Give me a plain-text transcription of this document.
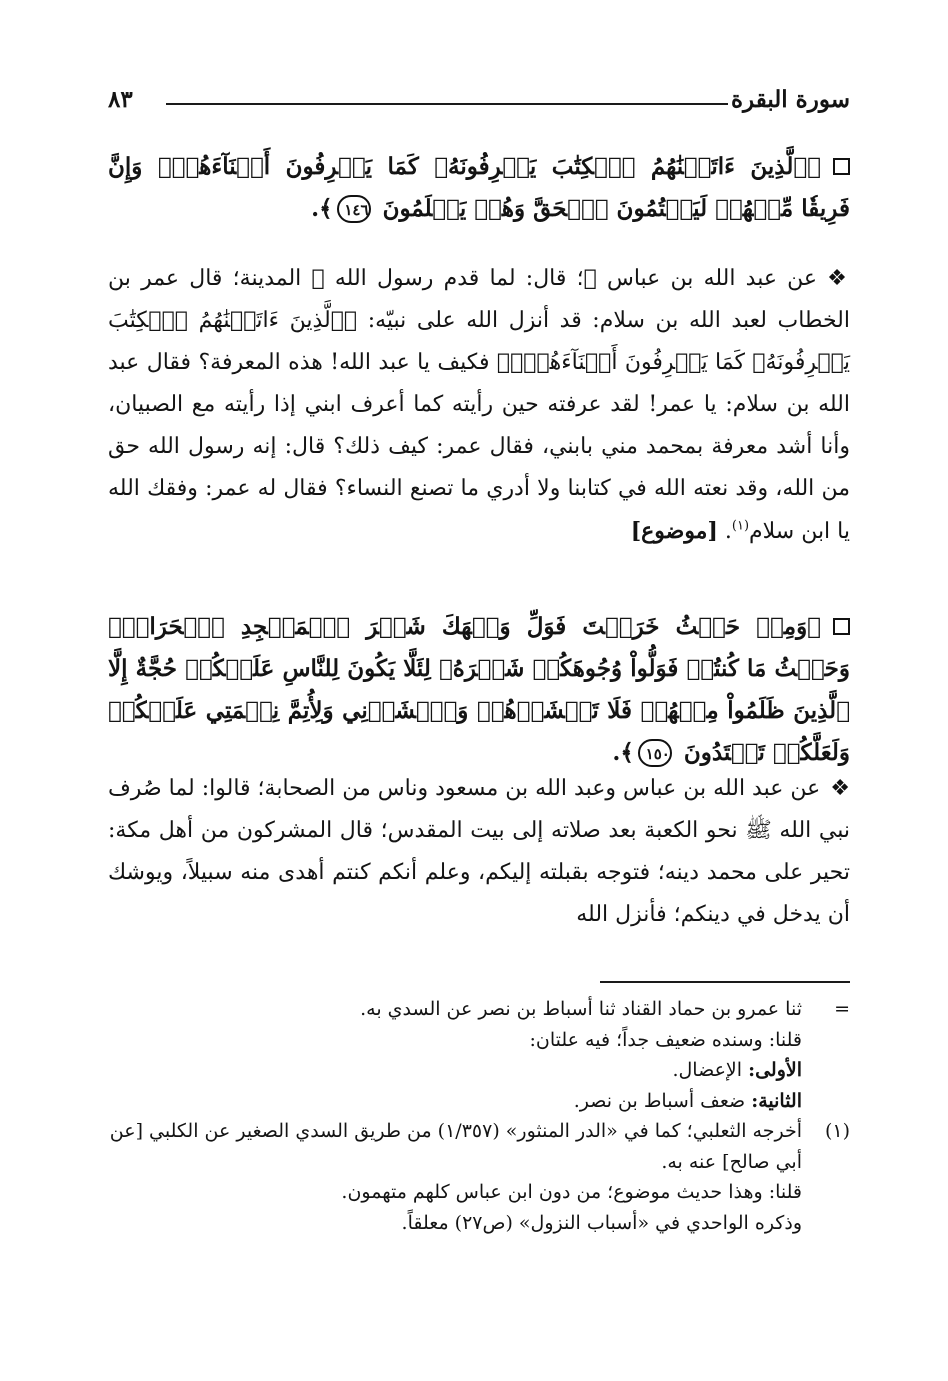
سورة البقرة
٨٣
﴿ٱلَّذِينَ ءَاتَيۡنَٰهُمُ ٱلۡكِتَٰبَ يَعۡرِفُونَهُۥ كَمَا يَعۡرِفُونَ أَبۡنَآءَهُمۡۖ وَإِنَّ فَرِيقٗا مِّنۡهُمۡ لَيَكۡتُمُونَ ٱلۡحَقَّ وَهُمۡ يَعۡلَمُونَ ١٤٦﴾.
❖عن عبد الله بن عباس ﵄؛ قال: لما قدم رسول الله ﷺ المدينة؛ قال عمر بن الخطاب لعبد الله بن سلام: قد أنزل الله على نبيّه: ﴿ٱلَّذِينَ ءَاتَيۡنَٰهُمُ ٱلۡكِتَٰبَ يَعۡرِفُونَهُۥ كَمَا يَعۡرِفُونَ أَبۡنَآءَهُمۡۖ﴾ فكيف يا عبد الله! هذه المعرفة؟ فقال عبد الله بن سلام: يا عمر! لقد عرفته حين رأيته كما أعرف ابني إذا رأيته مع الصبيان، وأنا أشد معرفة بمحمد مني بابني، فقال عمر: كيف ذلك؟ قال: إنه رسول الله حق من الله، وقد نعته الله في كتابنا ولا أدري ما تصنع النساء؟ فقال له عمر: وفقك الله يا ابن سلام$^{(١)}$. [موضوع]
﴿وَمِنۡ حَيۡثُ خَرَجۡتَ فَوَلِّ وَجۡهَكَ شَطۡرَ ٱلۡمَسۡجِدِ ٱلۡحَرَامِۚ وَحَيۡثُ مَا كُنتُمۡ فَوَلُّواْ وُجُوهَكُمۡ شَطۡرَهُۥ لِئَلَّا يَكُونَ لِلنَّاسِ عَلَيۡكُمۡ حُجَّةٌ إِلَّا ٱلَّذِينَ ظَلَمُواْ مِنۡهُمۡ فَلَا تَخۡشَوۡهُمۡ وَٱخۡشَوۡنِي وَلِأُتِمَّ نِعۡمَتِي عَلَيۡكُمۡ وَلَعَلَّكُمۡ تَهۡتَدُونَ ١٥٠﴾.
❖عن عبد الله بن عباس وعبد الله بن مسعود وناس من الصحابة؛ قالوا: لما صُرف نبي الله ﷺ نحو الكعبة بعد صلاته إلى بيت المقدس؛ قال المشركون من أهل مكة: تحير على محمد دينه؛ فتوجه بقبلته إليكم، وعلم أنكم كنتم أهدى منه سبيلاً، ويوشك أن يدخل في دينكم؛ فأنزل الله
=
ثنا عمرو بن حماد القناد ثنا أسباط بن نصر عن السدي به.
قلنا: وسنده ضعيف جداً؛ فيه علتان:
الأولى: الإعضال.
الثانية: ضعف أسباط بن نصر.
(١)
أخرجه الثعلبي؛ كما في «الدر المنثور» (١/٣٥٧) من طريق السدي الصغير عن الكلبي [عن أبي صالح] عنه به.
قلنا: وهذا حديث موضوع؛ من دون ابن عباس كلهم متهمون.
وذكره الواحدي في «أسباب النزول» (ص٢٧) معلقاً.
